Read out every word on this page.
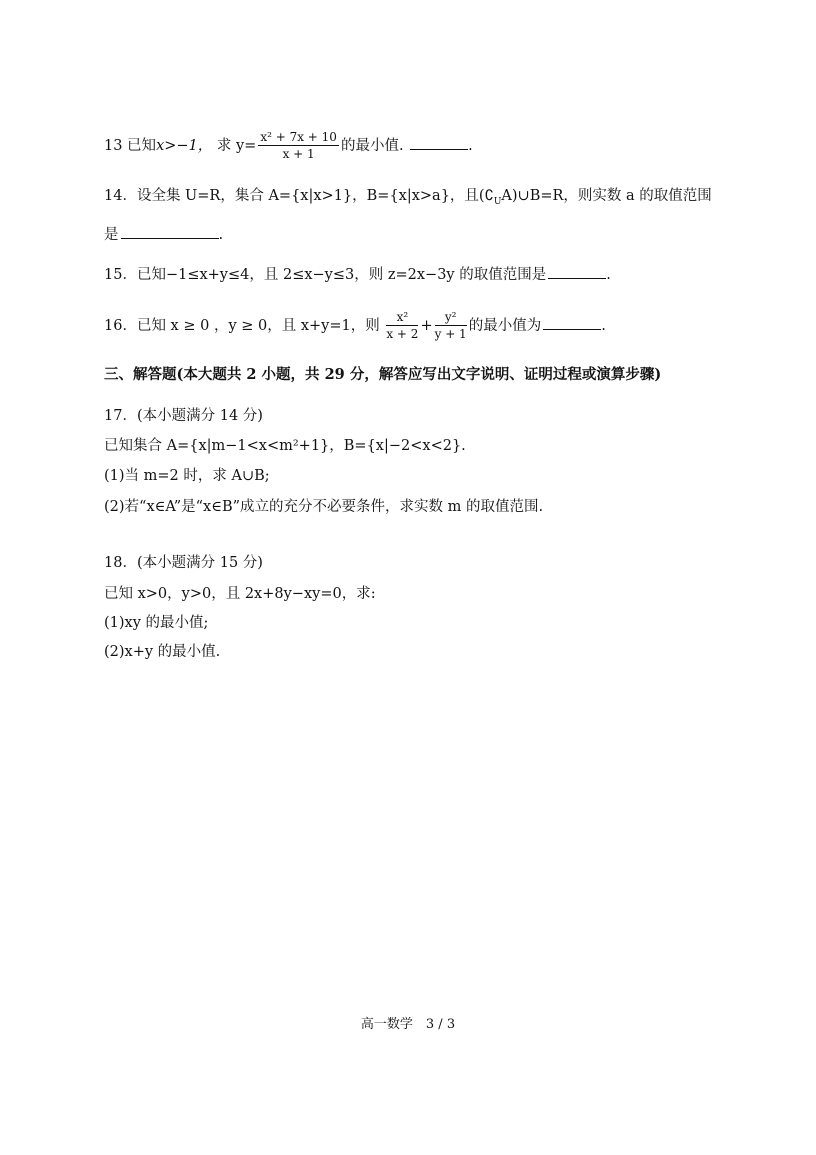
13 已知x>−1， 求 $y= \frac{\text{x² + 7x + 10}}{x + 1}$ 的最小值.	.
14．设全集 U=R，集合 A={x|x>1}，B={x|x>a}，且$(∁_UA)\cup B=R$，则实数 a 的取值范围
是	.
15．已知−1≤x+y≤4，且 2≤x−y≤3，则 z=2x−3y 的取值范围是	.
16．已知 x ≥ 0 ，y ≥ 0，且 x+y=1，则 $\frac{\text{x²}}{x + 2} + \frac{\text{y²}}{y + 1}$ 的最小值为	.
三、解答题(本大题共 2 小题，共 29 分，解答应写出文字说明、证明过程或演算步骤)
17．(本小题满分 14 分)
已知集合 A={x|m−1<x<m²+1}，B={x|−2<x<2}.
(1)当 m=2 时，求 A∪B;
(2)若“x∈A”是“x∈B”成立的充分不必要条件，求实数 m 的取值范围.
18．(本小题满分 15 分)
已知 x>0，y>0，且 2x+8y−xy=0，求:
(1)xy 的最小值;
(2)x+y 的最小值.
高一数学　3 / 3
